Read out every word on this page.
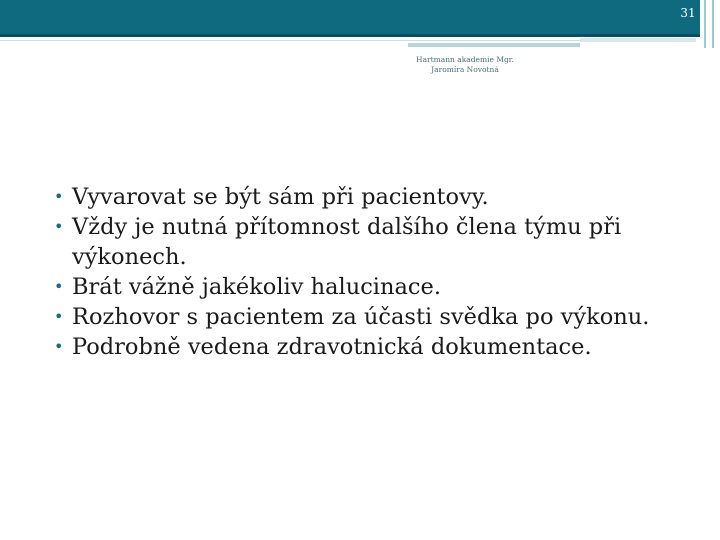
31
Hartmann akademie Mgr.
Jaromíra Novotná
• Vyvarovat se být sám při pacientovy.
• Vždy je nutná přítomnost dalšího člena týmu při výkonech.
• Brát vážně jakékoliv halucinace.
• Rozhovor s pacientem za účasti svědka po výkonu.
• Podrobně vedena zdravotnická dokumentace.
